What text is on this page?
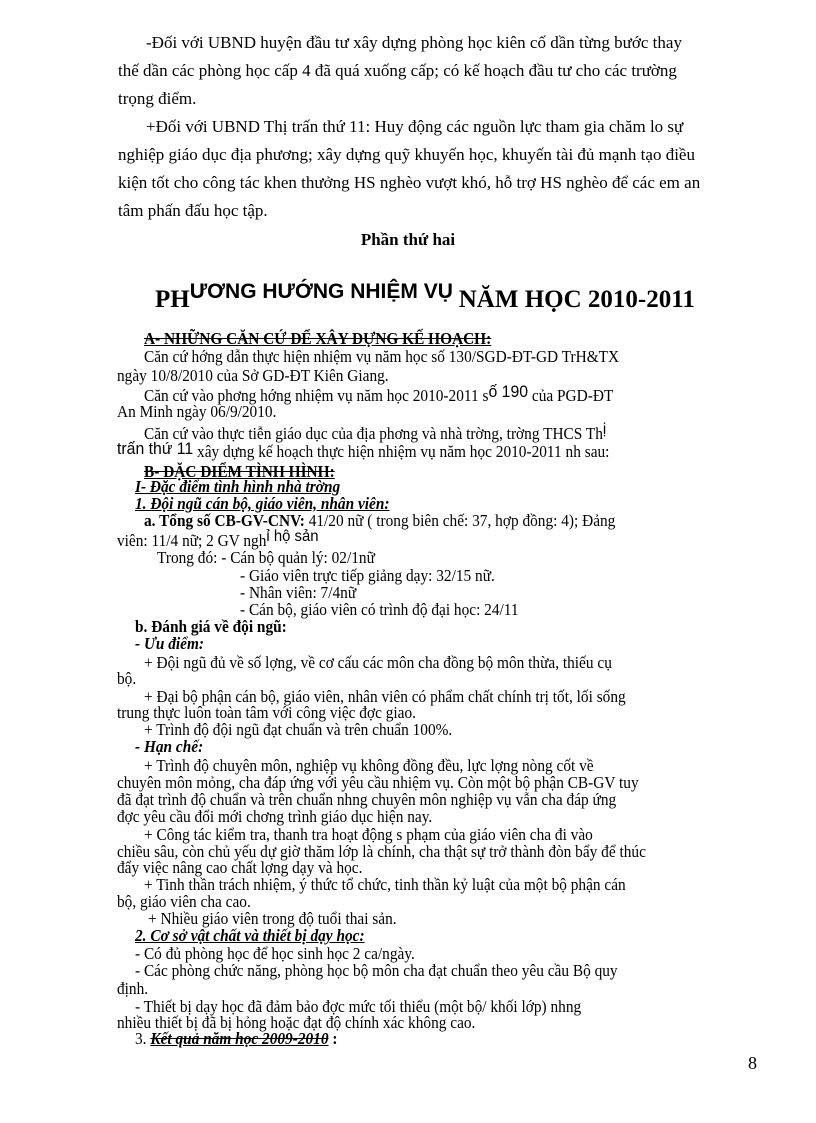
-Đối với UBND huyện đầu tư xây dựng phòng học kiên cố dần từng bước thay
thế dần các phòng học cấp 4 đã quá xuống cấp; có kế hoạch đầu tư cho các trường
trọng điểm.
+Đối với UBND Thị trấn thứ 11: Huy động các nguồn lực tham gia chăm lo sự
nghiệp giáo dục địa phương; xây dựng quỹ khuyến học, khuyến tài đủ mạnh tạo điều
kiện tốt cho công tác khen thưởng HS nghèo vượt khó, hỗ trợ HS nghèo để các em an
tâm phấn đấu học tập.
Phần thứ hai
PHƯƠNG HƯỚNG NHIỆM VỤ NĂM HỌC 2010-2011
A- NHỮNG CĂN CỨ ĐỂ XÂY DỰNG KẾ HOẠCH:
Căn cứ hớng dẫn thực hiện nhiệm vụ năm học số 130/SGD-ĐT-GD TrH&TX
ngày 10/8/2010 của Sở GD-ĐT Kiên Giang.
Căn cứ vào phơng hớng nhiệm vụ năm học 2010-2011 số 190 của PGD-ĐT
An Minh ngày 06/9/2010.
Căn cứ vào thực tiễn giáo dục của địa phơng và nhà trờng, trờng THCS Thị
trấn thứ 11 xây dựng kế hoạch thực hiện nhiệm vụ năm học 2010-2011 nh sau:
B- ĐẶC ĐIỂM TÌNH HÌNH:
I- Đặc điểm tình hình nhà trờng
1. Đội ngũ cán bộ, giáo viên, nhân viên:
a. Tổng số CB-GV-CNV: 41/20 nữ ( trong biên chế: 37, hợp đồng: 4); Đảng
viên: 11/4 nữ; 2 GV nghỉ hộ sản
Trong đó: - Cán bộ quản lý: 02/1nữ
- Giáo viên trực tiếp giảng dạy: 32/15 nữ.
- Nhân viên: 7/4nữ
- Cán bộ, giáo viên có trình độ đại học: 24/11
b. Đánh giá về đội ngũ:
- Ưu điểm:
+ Đội ngũ đủ về số lợng, về cơ cấu các môn cha đồng bộ môn thừa, thiếu cụ
bộ.
+ Đại bộ phận cán bộ, giáo viên, nhân viên có phẩm chất chính trị tốt, lối sống
trung thực luôn toàn tâm với công việc đợc giao.
+ Trình độ đội ngũ đạt chuẩn và trên chuẩn 100%.
- Hạn chế:
+ Trình độ chuyên môn, nghiệp vụ không đồng đều, lực lợng nòng cốt về
chuyên môn mỏng, cha đáp ứng với yêu cầu nhiệm vụ. Còn một bộ phận CB-GV tuy
đã đạt trình độ chuẩn và trên chuẩn nhng chuyên môn nghiệp vụ vẫn cha đáp ứng
đợc yêu cầu đổi mới chơng trình giáo dục hiện nay.
+ Công tác kiểm tra, thanh tra hoạt động s phạm của giáo viên cha đi vào
chiều sâu, còn chủ yếu dự giờ thăm lớp là chính, cha thật sự trở thành đòn bẩy để thúc
đẩy việc nâng cao chất lợng dạy và học.
+ Tinh thần trách nhiệm, ý thức tổ chức, tinh thần kỷ luật của một bộ phận cán
bộ, giáo viên cha cao.
+ Nhiều giáo viên trong độ tuổi thai sản.
2. Cơ sở vật chất và thiết bị dạy học:
- Có đủ phòng học để học sinh học 2 ca/ngày.
- Các phòng chức năng, phòng học bộ môn cha đạt chuẩn theo yêu cầu Bộ quy
định.
- Thiết bị dạy học đã đảm bảo đợc mức tối thiểu (một bộ/ khối lớp) nhng
nhiều thiết bị đã bị hỏng hoặc đạt độ chính xác không cao.
3. Kết quả năm học 2009-2010 :
8
